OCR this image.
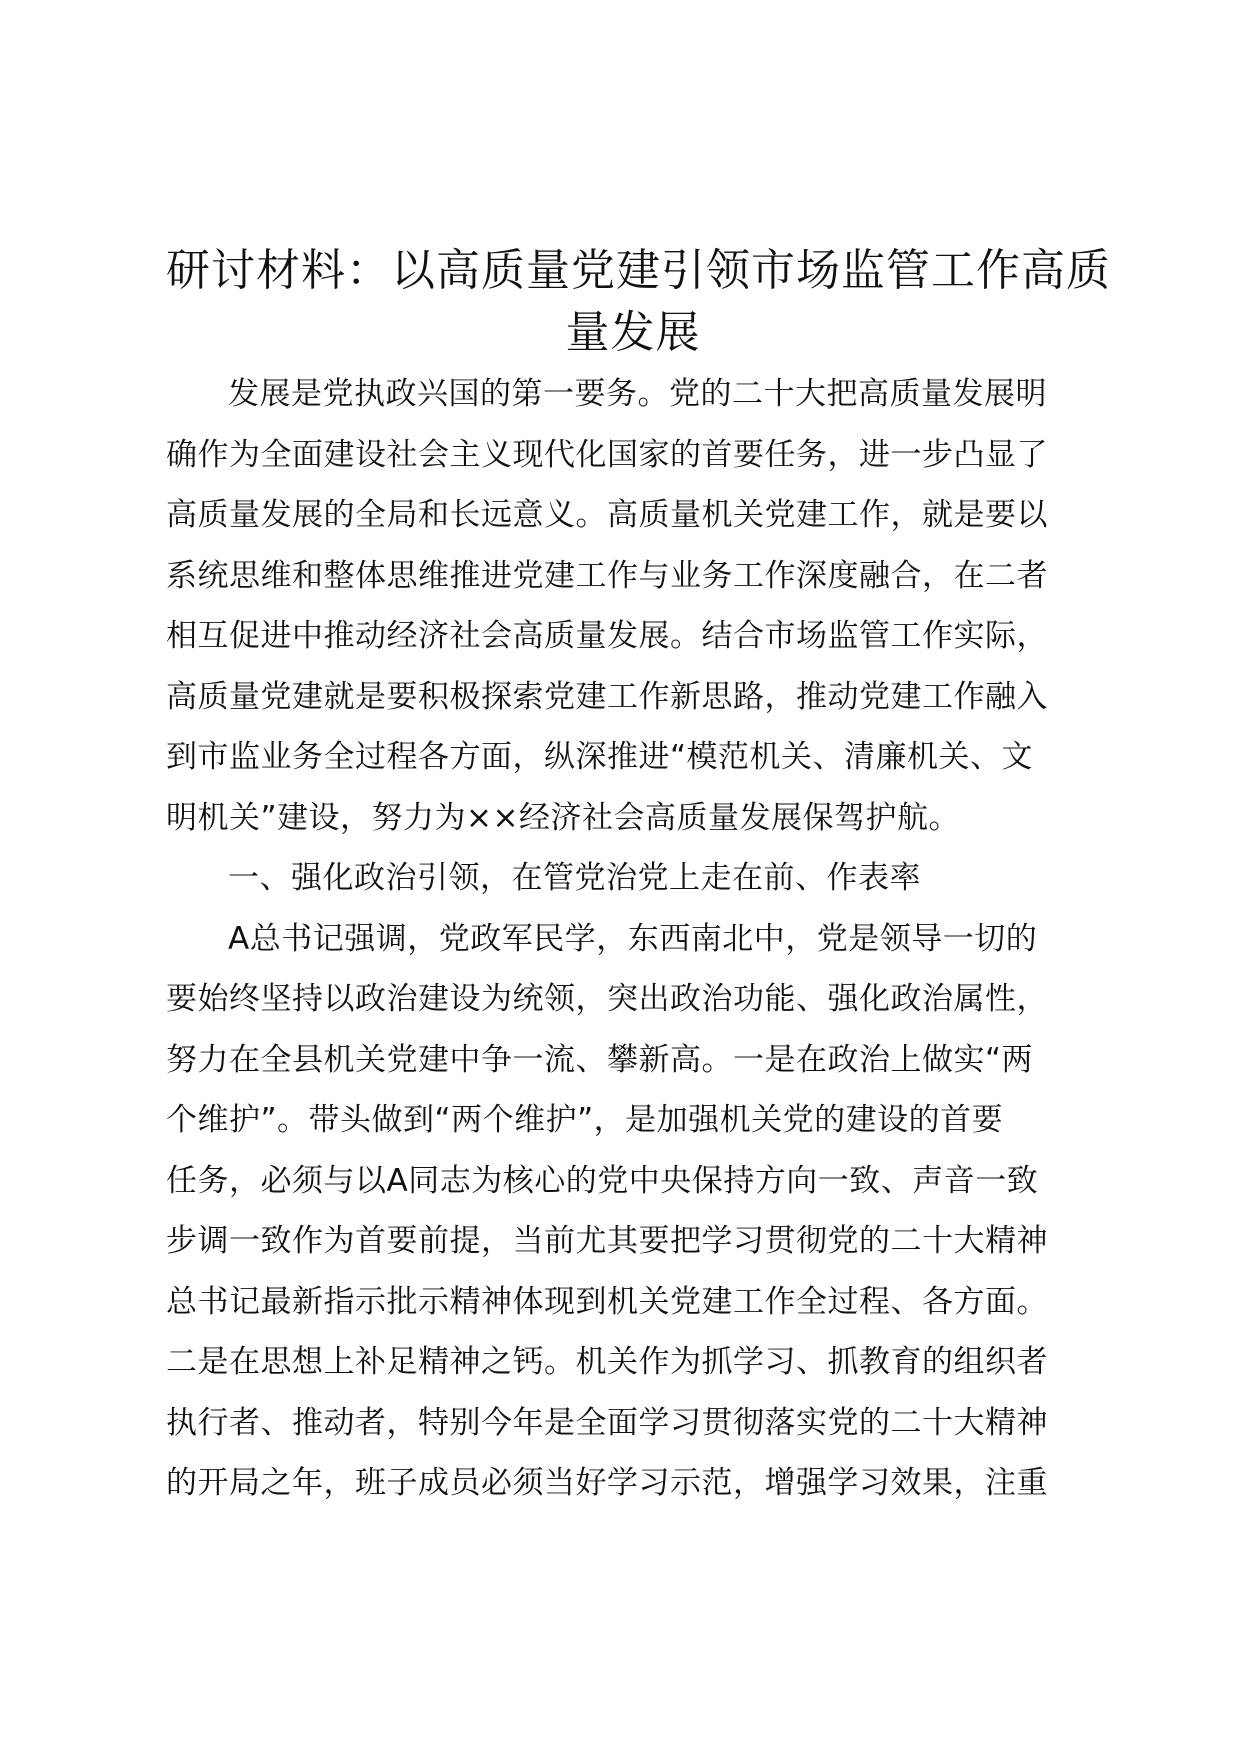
研讨材料：以高质量党建引领市场监管工作高质
量发展

发展是党执政兴国的第一要务。党的二十大把高质量发展明
确作为全面建设社会主义现代化国家的首要任务，进一步凸显了
高质量发展的全局和长远意义。高质量机关党建工作，就是要以
系统思维和整体思维推进党建工作与业务工作深度融合，在二者
相互促进中推动经济社会高质量发展。结合市场监管工作实际，
高质量党建就是要积极探索党建工作新思路，推动党建工作融入
到市监业务全过程各方面，纵深推进“模范机关、清廉机关、文
明机关”建设，努力为××经济社会高质量发展保驾护航。

一、强化政治引领，在管党治党上走在前、作表率

A总书记强调，党政军民学，东西南北中，党是领导一切的
要始终坚持以政治建设为统领，突出政治功能、强化政治属性，
努力在全县机关党建中争一流、攀新高。一是在政治上做实“两
个维护”。带头做到“两个维护”，是加强机关党的建设的首要
任务，必须与以A同志为核心的党中央保持方向一致、声音一致
步调一致作为首要前提，当前尤其要把学习贯彻党的二十大精神
总书记最新指示批示精神体现到机关党建工作全过程、各方面。
二是在思想上补足精神之钙。机关作为抓学习、抓教育的组织者
执行者、推动者，特别今年是全面学习贯彻落实党的二十大精神
的开局之年，班子成员必须当好学习示范，增强学习效果，注重
